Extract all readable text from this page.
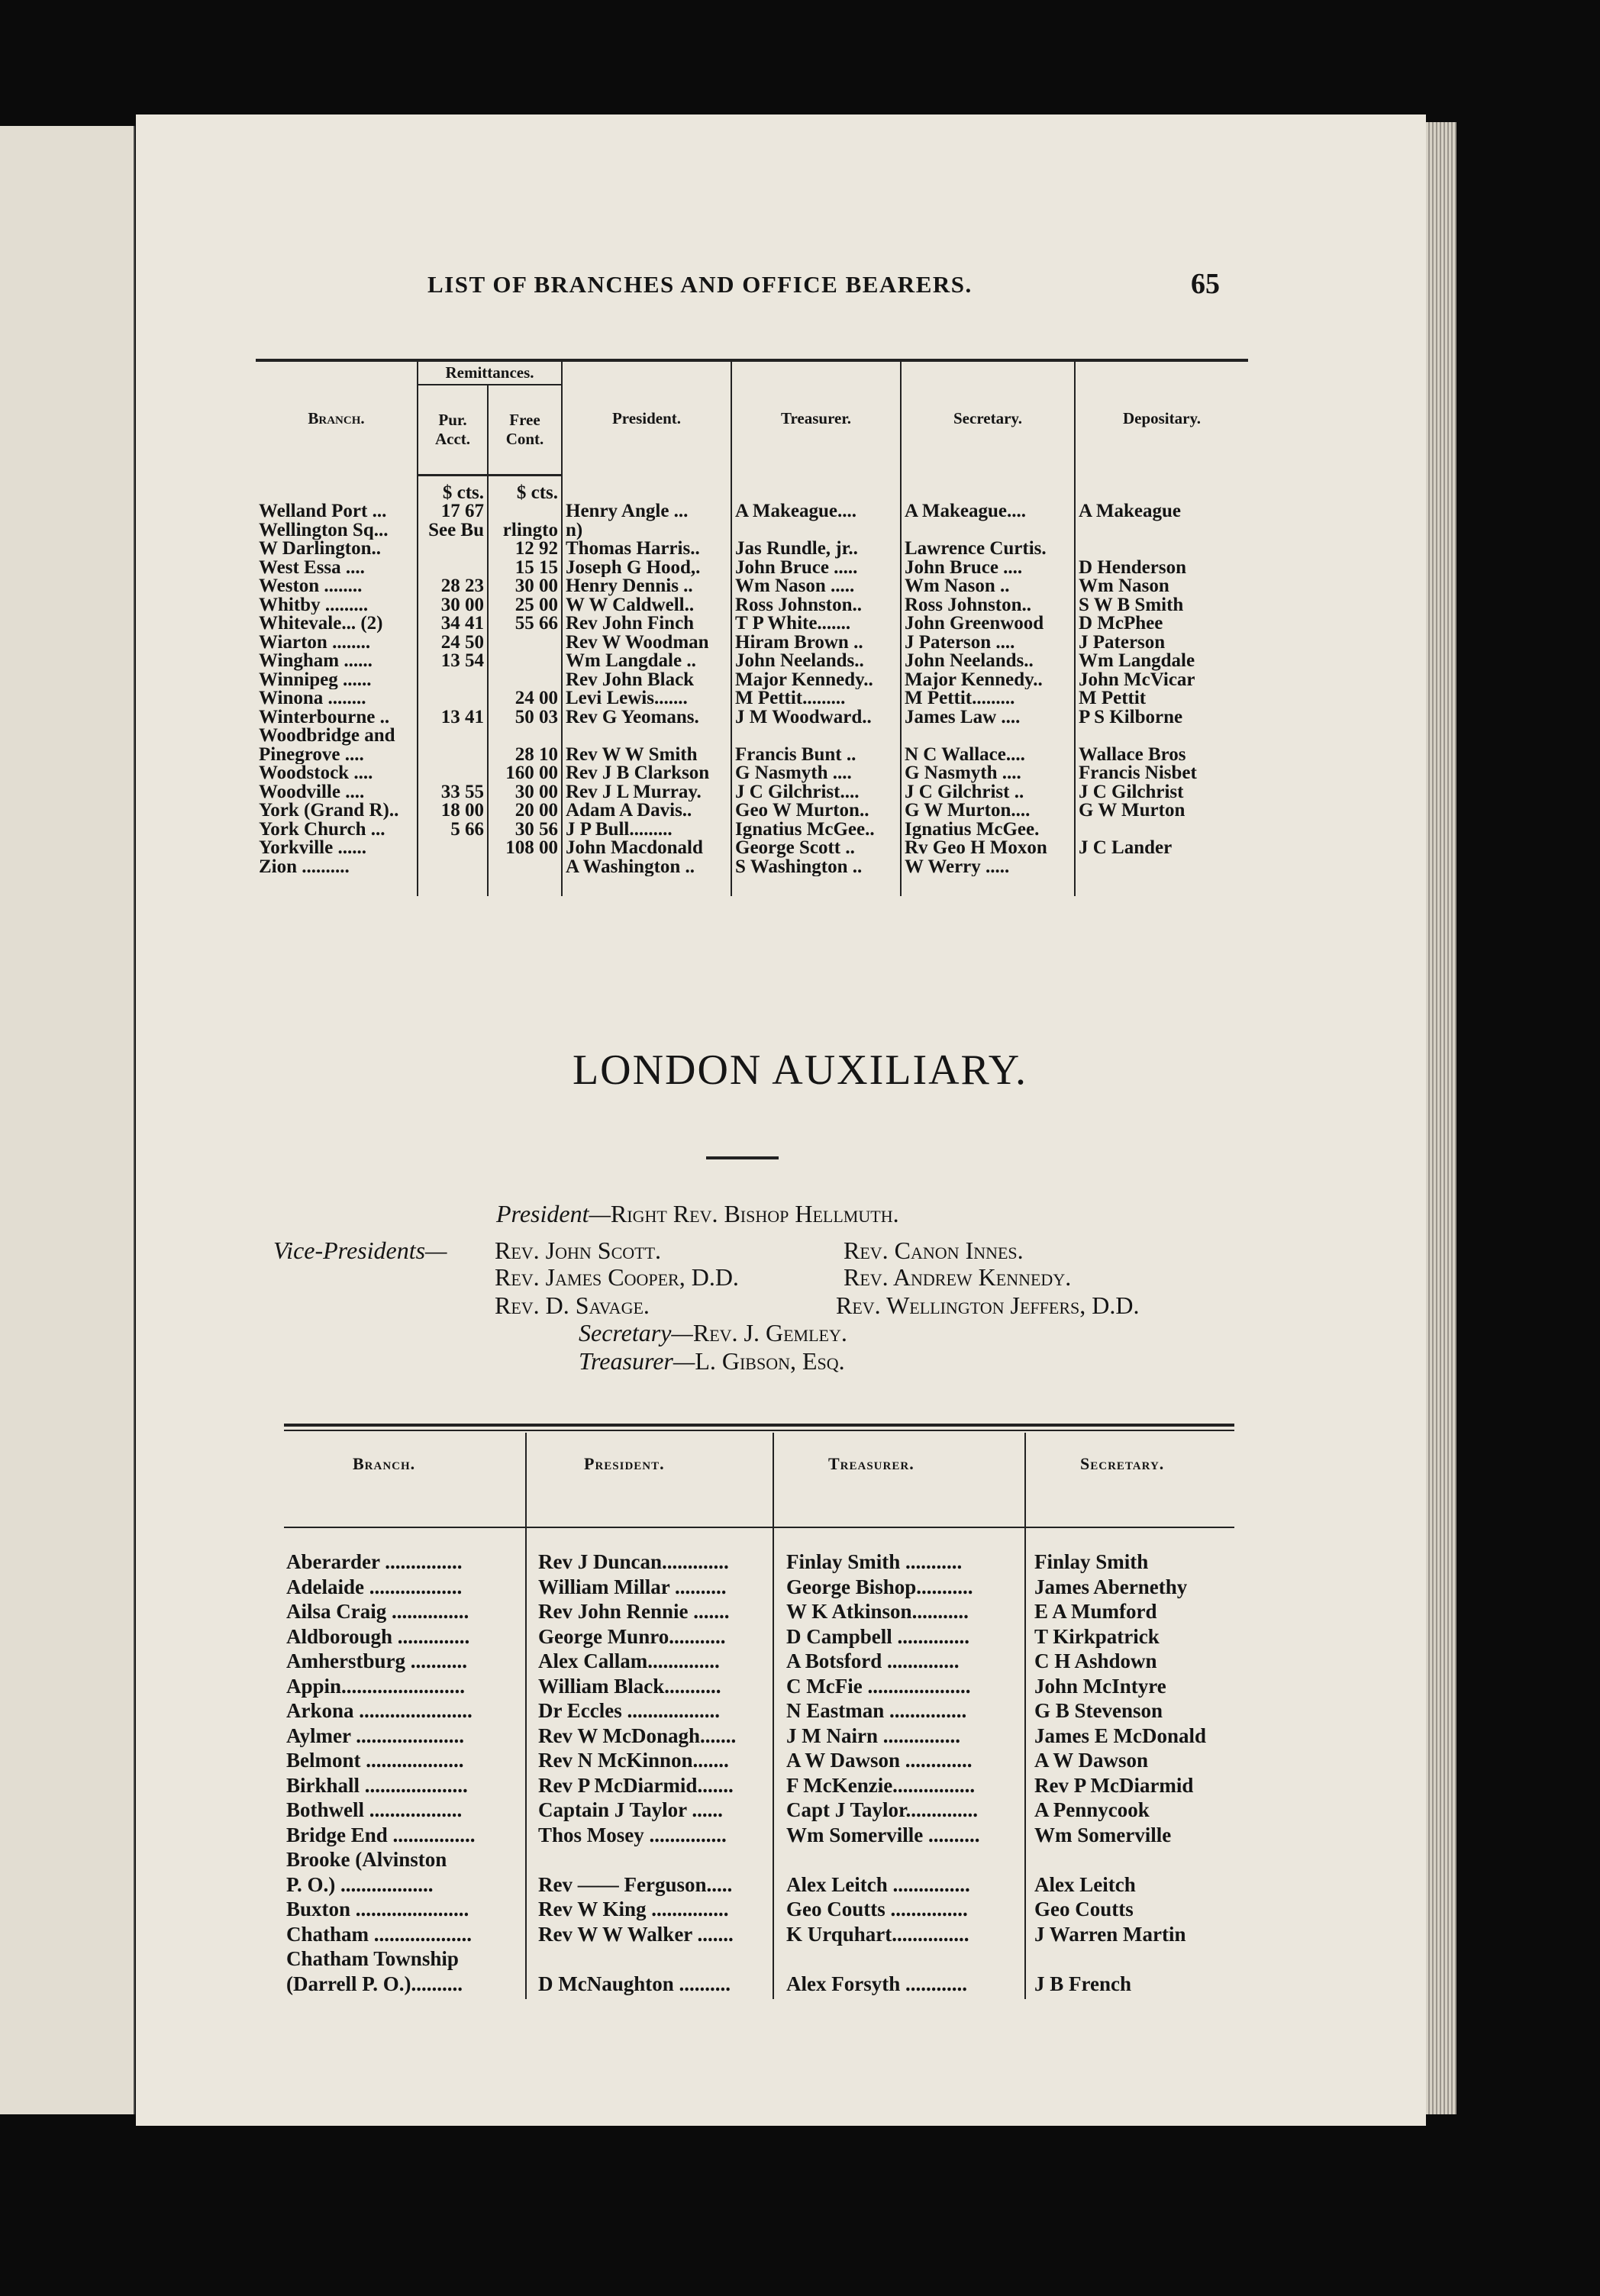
LIST OF BRANCHES AND OFFICE BEARERS.	65
Branch.	Remittances.		President.	Treasurer.	Secretary.	Depositary.
	Pur. Acct.	Free Cont.				
	$ cts.	$ cts.				
Welland Port ...	17 67		Henry Angle ...	A Makeague....	A Makeague....	A Makeague
Wellington Sq...	See Bu	rlingto	n)			
W Darlington..		12 92	Thomas Harris..	Jas Rundle, jr..	Lawrence Curtis.	
West Essa ....		15 15	Joseph G Hood,.	John Bruce .....	John Bruce ....	D Henderson
Weston ........	28 23	30 00	Henry Dennis ..	Wm Nason .....	Wm Nason ..	Wm Nason
Whitby .........	30 00	25 00	W W Caldwell..	Ross Johnston..	Ross Johnston..	S W B Smith
Whitevale... (2)	34 41	55 66	Rev John Finch	T P White.......	John Greenwood	D McPhee
Wiarton ........	24 50		Rev W Woodman	Hiram Brown ..	J Paterson ....	J Paterson
Wingham ......	13 54		Wm Langdale ..	John Neelands..	John Neelands..	Wm Langdale
Winnipeg ......			Rev John Black	Major Kennedy..	Major Kennedy..	John McVicar
Winona ........		24 00	Levi Lewis.......	M Pettit.........	M Pettit.........	M Pettit
Winterbourne ..	13 41	50 03	Rev G Yeomans.	J M Woodward..	James Law ....	P S Kilborne
Woodbridge and						
Pinegrove ....		28 10	Rev W W Smith	Francis Bunt ..	N C Wallace....	Wallace Bros
Woodstock ....		160 00	Rev J B Clarkson	G Nasmyth ....	G Nasmyth ....	Francis Nisbet
Woodville ....	33 55	30 00	Rev J L Murray.	J C Gilchrist....	J C Gilchrist ..	J C Gilchrist

York (Grand R)..	18 00	20 00	Adam A Davis..	Geo W Murton..	G W Murton....	G W Murton
York Church ...	5 66	30 56	J P Bull.........	Ignatius McGee..	Ignatius McGee.	
Yorkville ......		108 00	John Macdonald	George Scott ..	Rv Geo H Moxon	J C Lander

Zion ..........			A Washington ..	S Washington ..	W Werry .....	

LONDON AUXILIARY.
President—Right Rev. Bishop Hellmuth.
Vice-Presidents— Rev. John Scott.	Rev. Canon Innes.
Rev. James Cooper, D.D.	Rev. Andrew Kennedy.
Rev. D. Savage.	Rev. Wellington Jeffers, D.D.
Secretary—Rev. J. Gemley.
Treasurer—L. Gibson, Esq.
Branch.	President.	Treasurer.	Secretary.
Aberarder ...............	Rev J Duncan.............	Finlay Smith ...........	Finlay Smith
Adelaide ..................	William Millar ..........	George Bishop...........	James Abernethy
Ailsa Craig ...............	Rev John Rennie .......	W K Atkinson...........	E A Mumford
Aldborough ..............	George Munro...........	D Campbell ..............	T Kirkpatrick
Amherstburg ...........	Alex Callam..............	A Botsford ..............	C H Ashdown
Appin........................	William Black...........	C McFie ....................	John McIntyre
Arkona ......................	Dr Eccles ..................	N Eastman ...............	G B Stevenson
Aylmer .....................	Rev W McDonagh.......	J M Nairn ...............	James E McDonald
Belmont ...................	Rev N McKinnon.......	A W Dawson .............	A W Dawson
Birkhall ....................	Rev P McDiarmid.......	F McKenzie................	Rev P McDiarmid
Bothwell ..................	Captain J Taylor ......	Capt J Taylor..............	A Pennycook
Bridge End ................	Thos Mosey ...............	Wm Somerville ..........	Wm Somerville
Brooke (Alvinston
P. O.) ..................	Rev —— Ferguson.....	Alex Leitch ...............	Alex Leitch
Buxton ......................	Rev W King ...............	Geo Coutts ...............	Geo Coutts
Chatham ...................	Rev W W Walker .......	K Urquhart...............	J Warren Martin
Chatham Township
(Darrell P. O.)..........	D McNaughton ..........	Alex Forsyth ............	J B French
